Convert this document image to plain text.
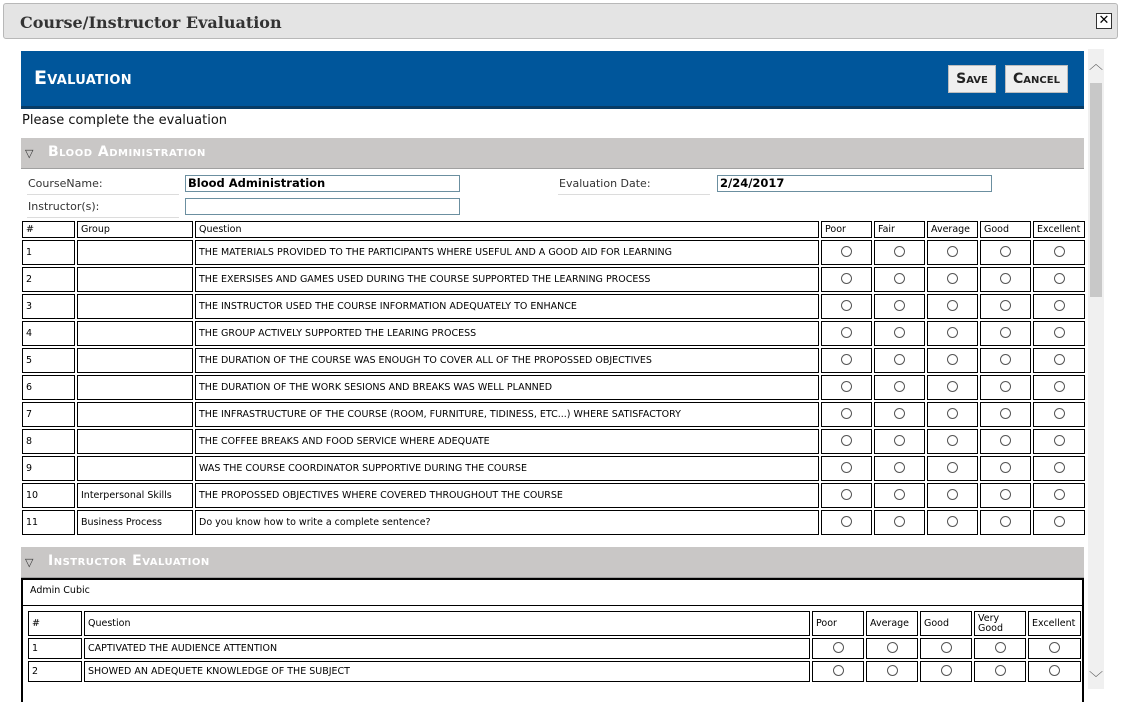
Course/Instructor Evaluation	✕
︿
﹀
Evaluation	Save	Cancel
Please complete the evaluation
▽ Blood Administration
CourseName:	Blood Administration	Evaluation Date:	2/24/2017
Instructor(s):
#	Group	Question	Poor	Fair	Average	Good	Excellent
1		THE MATERIALS PROVIDED TO THE PARTICIPANTS WHERE USEFUL AND A GOOD AID FOR LEARNING					
2		THE EXERSISES AND GAMES USED DURING THE COURSE SUPPORTED THE LEARNING PROCESS					
3		THE INSTRUCTOR USED THE COURSE INFORMATION ADEQUATELY TO ENHANCE					
4		THE GROUP ACTIVELY SUPPORTED THE LEARING PROCESS					
5		THE DURATION OF THE COURSE WAS ENOUGH TO COVER ALL OF THE PROPOSSED OBJECTIVES					
6		THE DURATION OF THE WORK SESIONS AND BREAKS WAS WELL PLANNED					
7		THE INFRASTRUCTURE OF THE COURSE (ROOM, FURNITURE, TIDINESS, ETC...) WHERE SATISFACTORY					
8		THE COFFEE BREAKS AND FOOD SERVICE WHERE ADEQUATE					
9		WAS THE COURSE COORDINATOR SUPPORTIVE DURING THE COURSE					
10	Interpersonal Skills	THE PROPOSSED OBJECTIVES WHERE COVERED THROUGHOUT THE COURSE					
11	Business Process	Do you know how to write a complete sentence?					
▽ Instructor Evaluation
Admin Cubic
#	Question	Poor	Average	Good	Very Good	Excellent
1	CAPTIVATED THE AUDIENCE ATTENTION					
2	SHOWED AN ADEQUETE KNOWLEDGE OF THE SUBJECT					
